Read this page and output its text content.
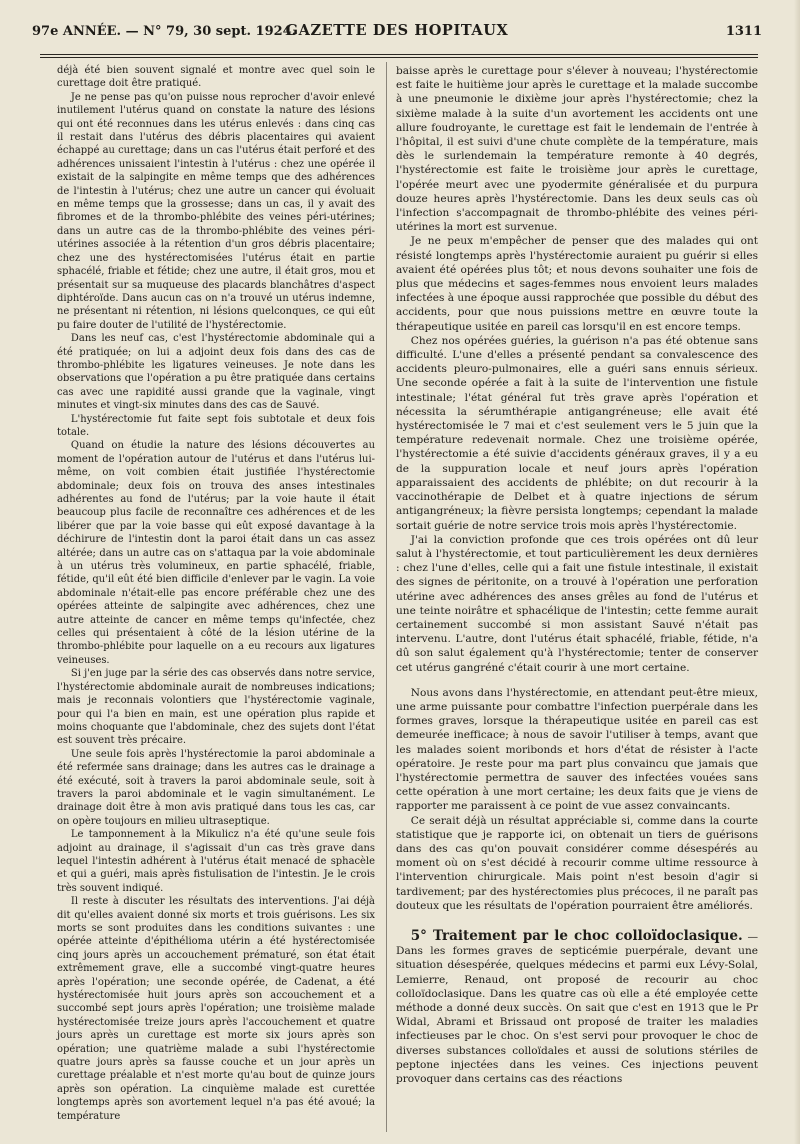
97e ANNÉE. — N° 79, 30 sept. 1924.
GAZETTE DES HOPITAUX	1311

déjà été bien souvent signalé et montre avec quel soin le curettage doit être pratiqué.

Je ne pense pas qu'on puisse nous reprocher d'avoir enlevé inutilement l'utérus quand on constate la nature des lésions qui ont été reconnues dans les utérus enlevés : dans cinq cas il restait dans l'utérus des débris placentaires qui avaient échappé au curettage; dans un cas l'utérus était perforé et des adhérences unissaient l'intestin à l'utérus : chez une opérée il existait de la salpingite en même temps que des adhérences de l'intestin à l'utérus; chez une autre un cancer qui évoluait en même temps que la grossesse; dans un cas, il y avait des fibromes et de la thrombo-phlébite des veines péri-utérines; dans un autre cas de la thrombo-phlébite des veines péri-utérines associée à la rétention d'un gros débris placentaire; chez une des hystérectomisées l'utérus était en partie sphacélé, friable et fétide; chez une autre, il était gros, mou et présentait sur sa muqueuse des placards blanchâtres d'aspect diphtéroïde. Dans aucun cas on n'a trouvé un utérus indemne, ne présentant ni rétention, ni lésions quelconques, ce qui eût pu faire douter de l'utilité de l'hystérectomie.

Dans les neuf cas, c'est l'hystérectomie abdominale qui a été pratiquée; on lui a adjoint deux fois dans des cas de thrombo-phlébite les ligatures veineuses. Je note dans les observations que l'opération a pu être pratiquée dans certains cas avec une rapidité aussi grande que la vaginale, vingt minutes et vingt-six minutes dans des cas de Sauvé.

L'hystérectomie fut faite sept fois subtotale et deux fois totale.

Quand on étudie la nature des lésions découvertes au moment de l'opération autour de l'utérus et dans l'utérus lui-même, on voit combien était justifiée l'hystérectomie abdominale; deux fois on trouva des anses intestinales adhérentes au fond de l'utérus; par la voie haute il était beaucoup plus facile de reconnaître ces adhérences et de les libérer que par la voie basse qui eût exposé davantage à la déchirure de l'intestin dont la paroi était dans un cas assez altérée; dans un autre cas on s'attaqua par la voie abdominale à un utérus très volumineux, en partie sphacélé, friable, fétide, qu'il eût été bien difficile d'enlever par le vagin. La voie abdominale n'était-elle pas encore préférable chez une des opérées atteinte de salpingite avec adhérences, chez une autre atteinte de cancer en même temps qu'infectée, chez celles qui présentaient à côté de la lésion utérine de la thrombo-phlébite pour laquelle on a eu recours aux ligatures veineuses.

Si j'en juge par la série des cas observés dans notre service, l'hystérectomie abdominale aurait de nombreuses indications; mais je reconnais volontiers que l'hystérectomie vaginale, pour qui l'a bien en main, est une opération plus rapide et moins choquante que l'abdominale, chez des sujets dont l'état est souvent très précaire.

Une seule fois après l'hystérectomie la paroi abdominale a été refermée sans drainage; dans les autres cas le drainage a été exécuté, soit à travers la paroi abdominale seule, soit à travers la paroi abdominale et le vagin simultanément. Le drainage doit être à mon avis pratiqué dans tous les cas, car on opère toujours en milieu ultraseptique.

Le tamponnement à la Mikulicz n'a été qu'une seule fois adjoint au drainage, il s'agissait d'un cas très grave dans lequel l'intestin adhérent à l'utérus était menacé de sphacèle et qui a guéri, mais après fistulisation de l'intestin. Je le crois très souvent indiqué.

Il reste à discuter les résultats des interventions. J'ai déjà dit qu'elles avaient donné six morts et trois guérisons. Les six morts se sont produites dans les conditions suivantes : une opérée atteinte d'épithélioma utérin a été hystérectomisée cinq jours après un accouchement prématuré, son état était extrêmement grave, elle a succombé vingt-quatre heures après l'opération; une seconde opérée, de Cadenat, a été hystérectomisée huit jours après son accouchement et a succombé sept jours après l'opération; une troisième malade hystérectomisée treize jours après l'accouchement et quatre jours après un curettage est morte six jours après son opération; une quatrième malade a subi l'hystérectomie quatre jours après sa fausse couche et un jour après un curettage préalable et n'est morte qu'au bout de quinze jours après son opération. La cinquième malade est curettée longtemps après son avortement lequel n'a pas été avoué; la température

baisse après le curettage pour s'élever à nouveau; l'hystérectomie est faite le huitième jour après le curettage et la malade succombe à une pneumonie le dixième jour après l'hystérectomie; chez la sixième malade à la suite d'un avortement les accidents ont une allure foudroyante, le curettage est fait le lendemain de l'entrée à l'hôpital, il est suivi d'une chute complète de la température, mais dès le surlendemain la température remonte à 40 degrés, l'hystérectomie est faite le troisième jour après le curettage, l'opérée meurt avec une pyodermite généralisée et du purpura douze heures après l'hystérectomie. Dans les deux seuls cas où l'infection s'accompagnait de thrombo-phlébite des veines péri-utérines la mort est survenue.

Je ne peux m'empêcher de penser que des malades qui ont résisté longtemps après l'hystérectomie auraient pu guérir si elles avaient été opérées plus tôt; et nous devons souhaiter une fois de plus que médecins et sages-femmes nous envoient leurs malades infectées à une époque aussi rapprochée que possible du début des accidents, pour que nous puissions mettre en œuvre toute la thérapeutique usitée en pareil cas lorsqu'il en est encore temps.

Chez nos opérées guéries, la guérison n'a pas été obtenue sans difficulté. L'une d'elles a présenté pendant sa convalescence des accidents pleuro-pulmonaires, elle a guéri sans ennuis sérieux. Une seconde opérée a fait à la suite de l'intervention une fistule intestinale; l'état général fut très grave après l'opération et nécessita la sérumthérapie antigangréneuse; elle avait été hystérectomisée le 7 mai et c'est seulement vers le 5 juin que la température redevenait normale. Chez une troisième opérée, l'hystérectomie a été suivie d'accidents généraux graves, il y a eu de la suppuration locale et neuf jours après l'opération apparaissaient des accidents de phlébite; on dut recourir à la vaccinothérapie de Delbet et à quatre injections de sérum antigangréneux; la fièvre persista longtemps; cependant la malade sortait guérie de notre service trois mois après l'hystérectomie.

J'ai la conviction profonde que ces trois opérées ont dû leur salut à l'hystérectomie, et tout particulièrement les deux dernières : chez l'une d'elles, celle qui a fait une fistule intestinale, il existait des signes de péritonite, on a trouvé à l'opération une perforation utérine avec adhérences des anses grêles au fond de l'utérus et une teinte noirâtre et sphacélique de l'intestin; cette femme aurait certainement succombé si mon assistant Sauvé n'était pas intervenu. L'autre, dont l'utérus était sphacélé, friable, fétide, n'a dû son salut également qu'à l'hystérectomie; tenter de conserver cet utérus gangréné c'était courir à une mort certaine.

Nous avons dans l'hystérectomie, en attendant peut-être mieux, une arme puissante pour combattre l'infection puerpérale dans les formes graves, lorsque la thérapeutique usitée en pareil cas est demeurée inefficace; à nous de savoir l'utiliser à temps, avant que les malades soient moribonds et hors d'état de résister à l'acte opératoire. Je reste pour ma part plus convaincu que jamais que l'hystérectomie permettra de sauver des infectées vouées sans cette opération à une mort certaine; les deux faits que je viens de rapporter me paraissent à ce point de vue assez convaincants.

Ce serait déjà un résultat appréciable si, comme dans la courte statistique que je rapporte ici, on obtenait un tiers de guérisons dans des cas qu'on pouvait considérer comme désespérés au moment où on s'est décidé à recourir comme ultime ressource à l'intervention chirurgicale. Mais point n'est besoin d'agir si tardivement; par des hystérectomies plus précoces, il ne paraît pas douteux que les résultats de l'opération pourraient être améliorés.

5° Traitement par le choc colloïdoclasique. — Dans les formes graves de septicémie puerpérale, devant une situation désespérée, quelques médecins et parmi eux Lévy-Solal, Lemierre, Renaud, ont proposé de recourir au choc colloïdoclasique. Dans les quatre cas où elle a été employée cette méthode a donné deux succès. On sait que c'est en 1913 que le Pr Widal, Abrami et Brissaud ont proposé de traiter les maladies infectieuses par le choc. On s'est servi pour provoquer le choc de diverses substances colloïdales et aussi de solutions stériles de peptone injectées dans les veines. Ces injections peuvent provoquer dans certains cas des réactions
